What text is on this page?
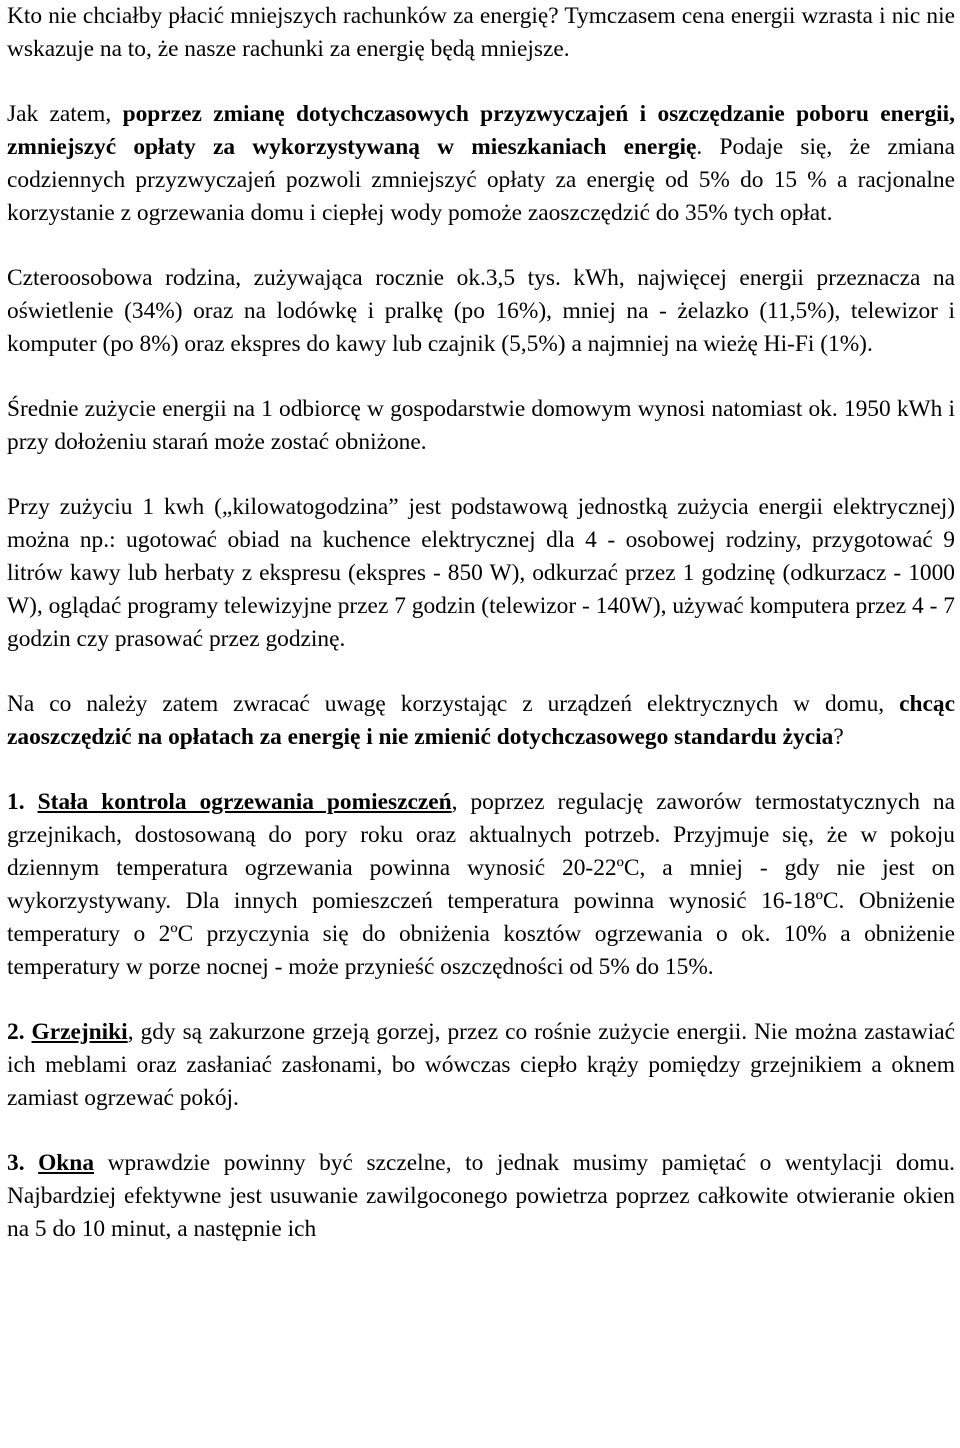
Kto nie chciałby płacić mniejszych rachunków za energię? Tymczasem cena energii wzrasta i nic nie wskazuje na to, że nasze rachunki za energię będą mniejsze.

Jak zatem, poprzez zmianę dotychczasowych przyzwyczajeń i oszczędzanie poboru energii, zmniejszyć opłaty za wykorzystywaną w mieszkaniach energię. Podaje się, że zmiana codziennych przyzwyczajeń pozwoli zmniejszyć opłaty za energię od 5% do 15 % a racjonalne korzystanie z ogrzewania domu i ciepłej wody pomoże zaoszczędzić do 35% tych opłat.

Czteroosobowa rodzina, zużywająca rocznie ok.3,5 tys. kWh, najwięcej energii przeznacza na oświetlenie (34%) oraz na lodówkę i pralkę (po 16%), mniej na - żelazko (11,5%), telewizor i komputer (po 8%) oraz ekspres do kawy lub czajnik (5,5%) a najmniej na wieżę Hi-Fi (1%).

Średnie zużycie energii na 1 odbiorcę w gospodarstwie domowym wynosi natomiast ok. 1950 kWh i przy dołożeniu starań może zostać obniżone.

Przy zużyciu 1 kwh („kilowatogodzina” jest podstawową jednostką zużycia energii elektrycznej) można np.: ugotować obiad na kuchence elektrycznej dla 4 - osobowej rodziny, przygotować 9 litrów kawy lub herbaty z ekspresu (ekspres - 850 W), odkurzać przez 1 godzinę (odkurzacz - 1000 W), oglądać programy telewizyjne przez 7 godzin (telewizor - 140W), używać komputera przez 4 - 7 godzin czy prasować przez godzinę.

Na co należy zatem zwracać uwagę korzystając z urządzeń elektrycznych w domu, chcąc zaoszczędzić na opłatach za energię i nie zmienić dotychczasowego standardu życia?

1. Stała kontrola ogrzewania pomieszczeń, poprzez regulację zaworów termostatycznych na grzejnikach, dostosowaną do pory roku oraz aktualnych potrzeb. Przyjmuje się, że w pokoju dziennym temperatura ogrzewania powinna wynosić 20-22ºC, a mniej - gdy nie jest on wykorzystywany. Dla innych pomieszczeń temperatura powinna wynosić 16-18ºC. Obniżenie temperatury o 2ºC przyczynia się do obniżenia kosztów ogrzewania o ok. 10% a obniżenie temperatury w porze nocnej - może przynieść oszczędności od 5% do 15%.

2. Grzejniki, gdy są zakurzone grzeją gorzej, przez co rośnie zużycie energii. Nie można zastawiać ich meblami oraz zasłaniać zasłonami, bo wówczas ciepło krąży pomiędzy grzejnikiem a oknem zamiast ogrzewać pokój.

3. Okna wprawdzie powinny być szczelne, to jednak musimy pamiętać o wentylacji domu. Najbardziej efektywne jest usuwanie zawilgoconego powietrza poprzez całkowite otwieranie okien na 5 do 10 minut, a następnie ich
